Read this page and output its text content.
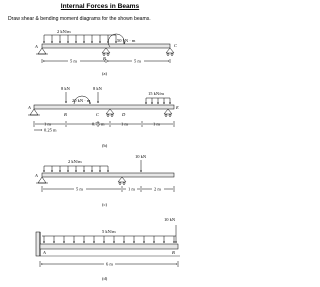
Internal Forces in Beams
Draw shear & bending moment diagrams for the shown beams.
2 kN/m
50 kN · m
A
B
C
5 m	5 m
(a)
8 kN	8 kN
15 kN/m
20 kN · m
A
B	C	D
E
1 m	0.75 m	1 m	1 m
0.25 m
(b)
2 kN/m
10 kN
A
5 m	1 m	2 m
(c)
10 kN
5 kN/m
A	B
6 m
(d)
